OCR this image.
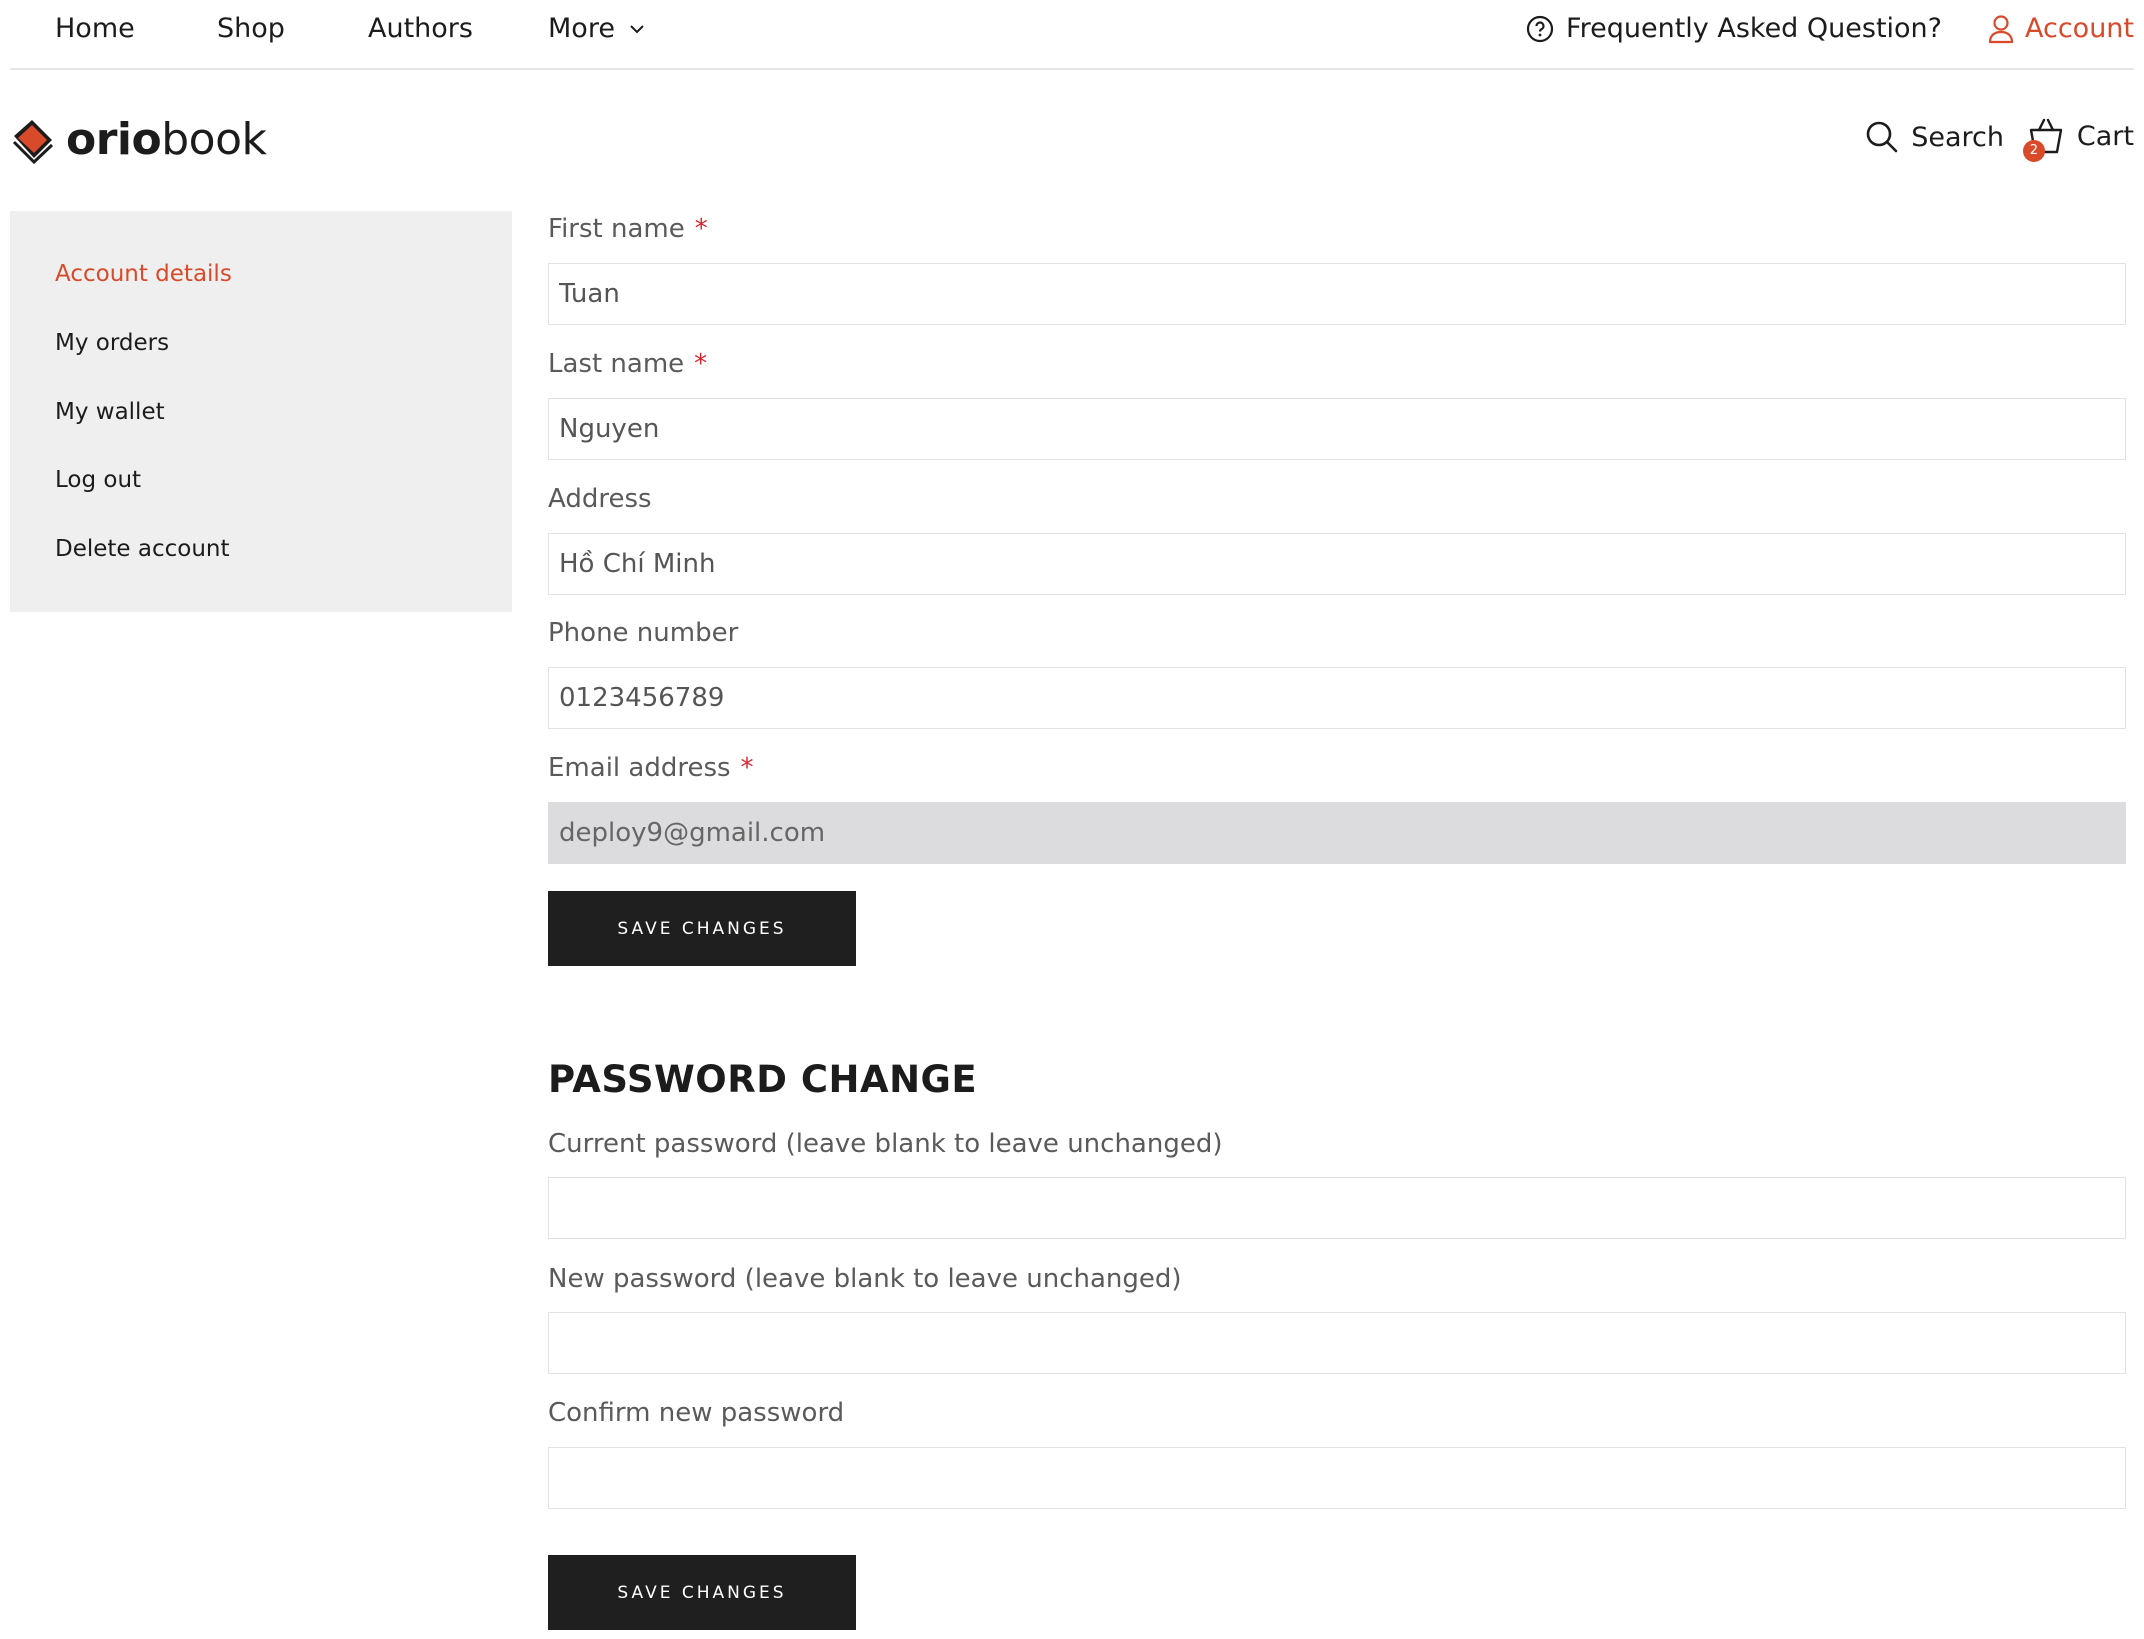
Home	Shop	Authors	More	Frequently Asked Question?	Account
oriobook	Search	2 Cart
Account details
My orders
My wallet
Log out
Delete account
First name *
Tuan
Last name *
Nguyen
Address
Hồ Chí Minh
Phone number
0123456789
Email address *
deploy9@gmail.com
SAVE CHANGES
PASSWORD CHANGE
Current password (leave blank to leave unchanged)
New password (leave blank to leave unchanged)
Confirm new password
SAVE CHANGES
